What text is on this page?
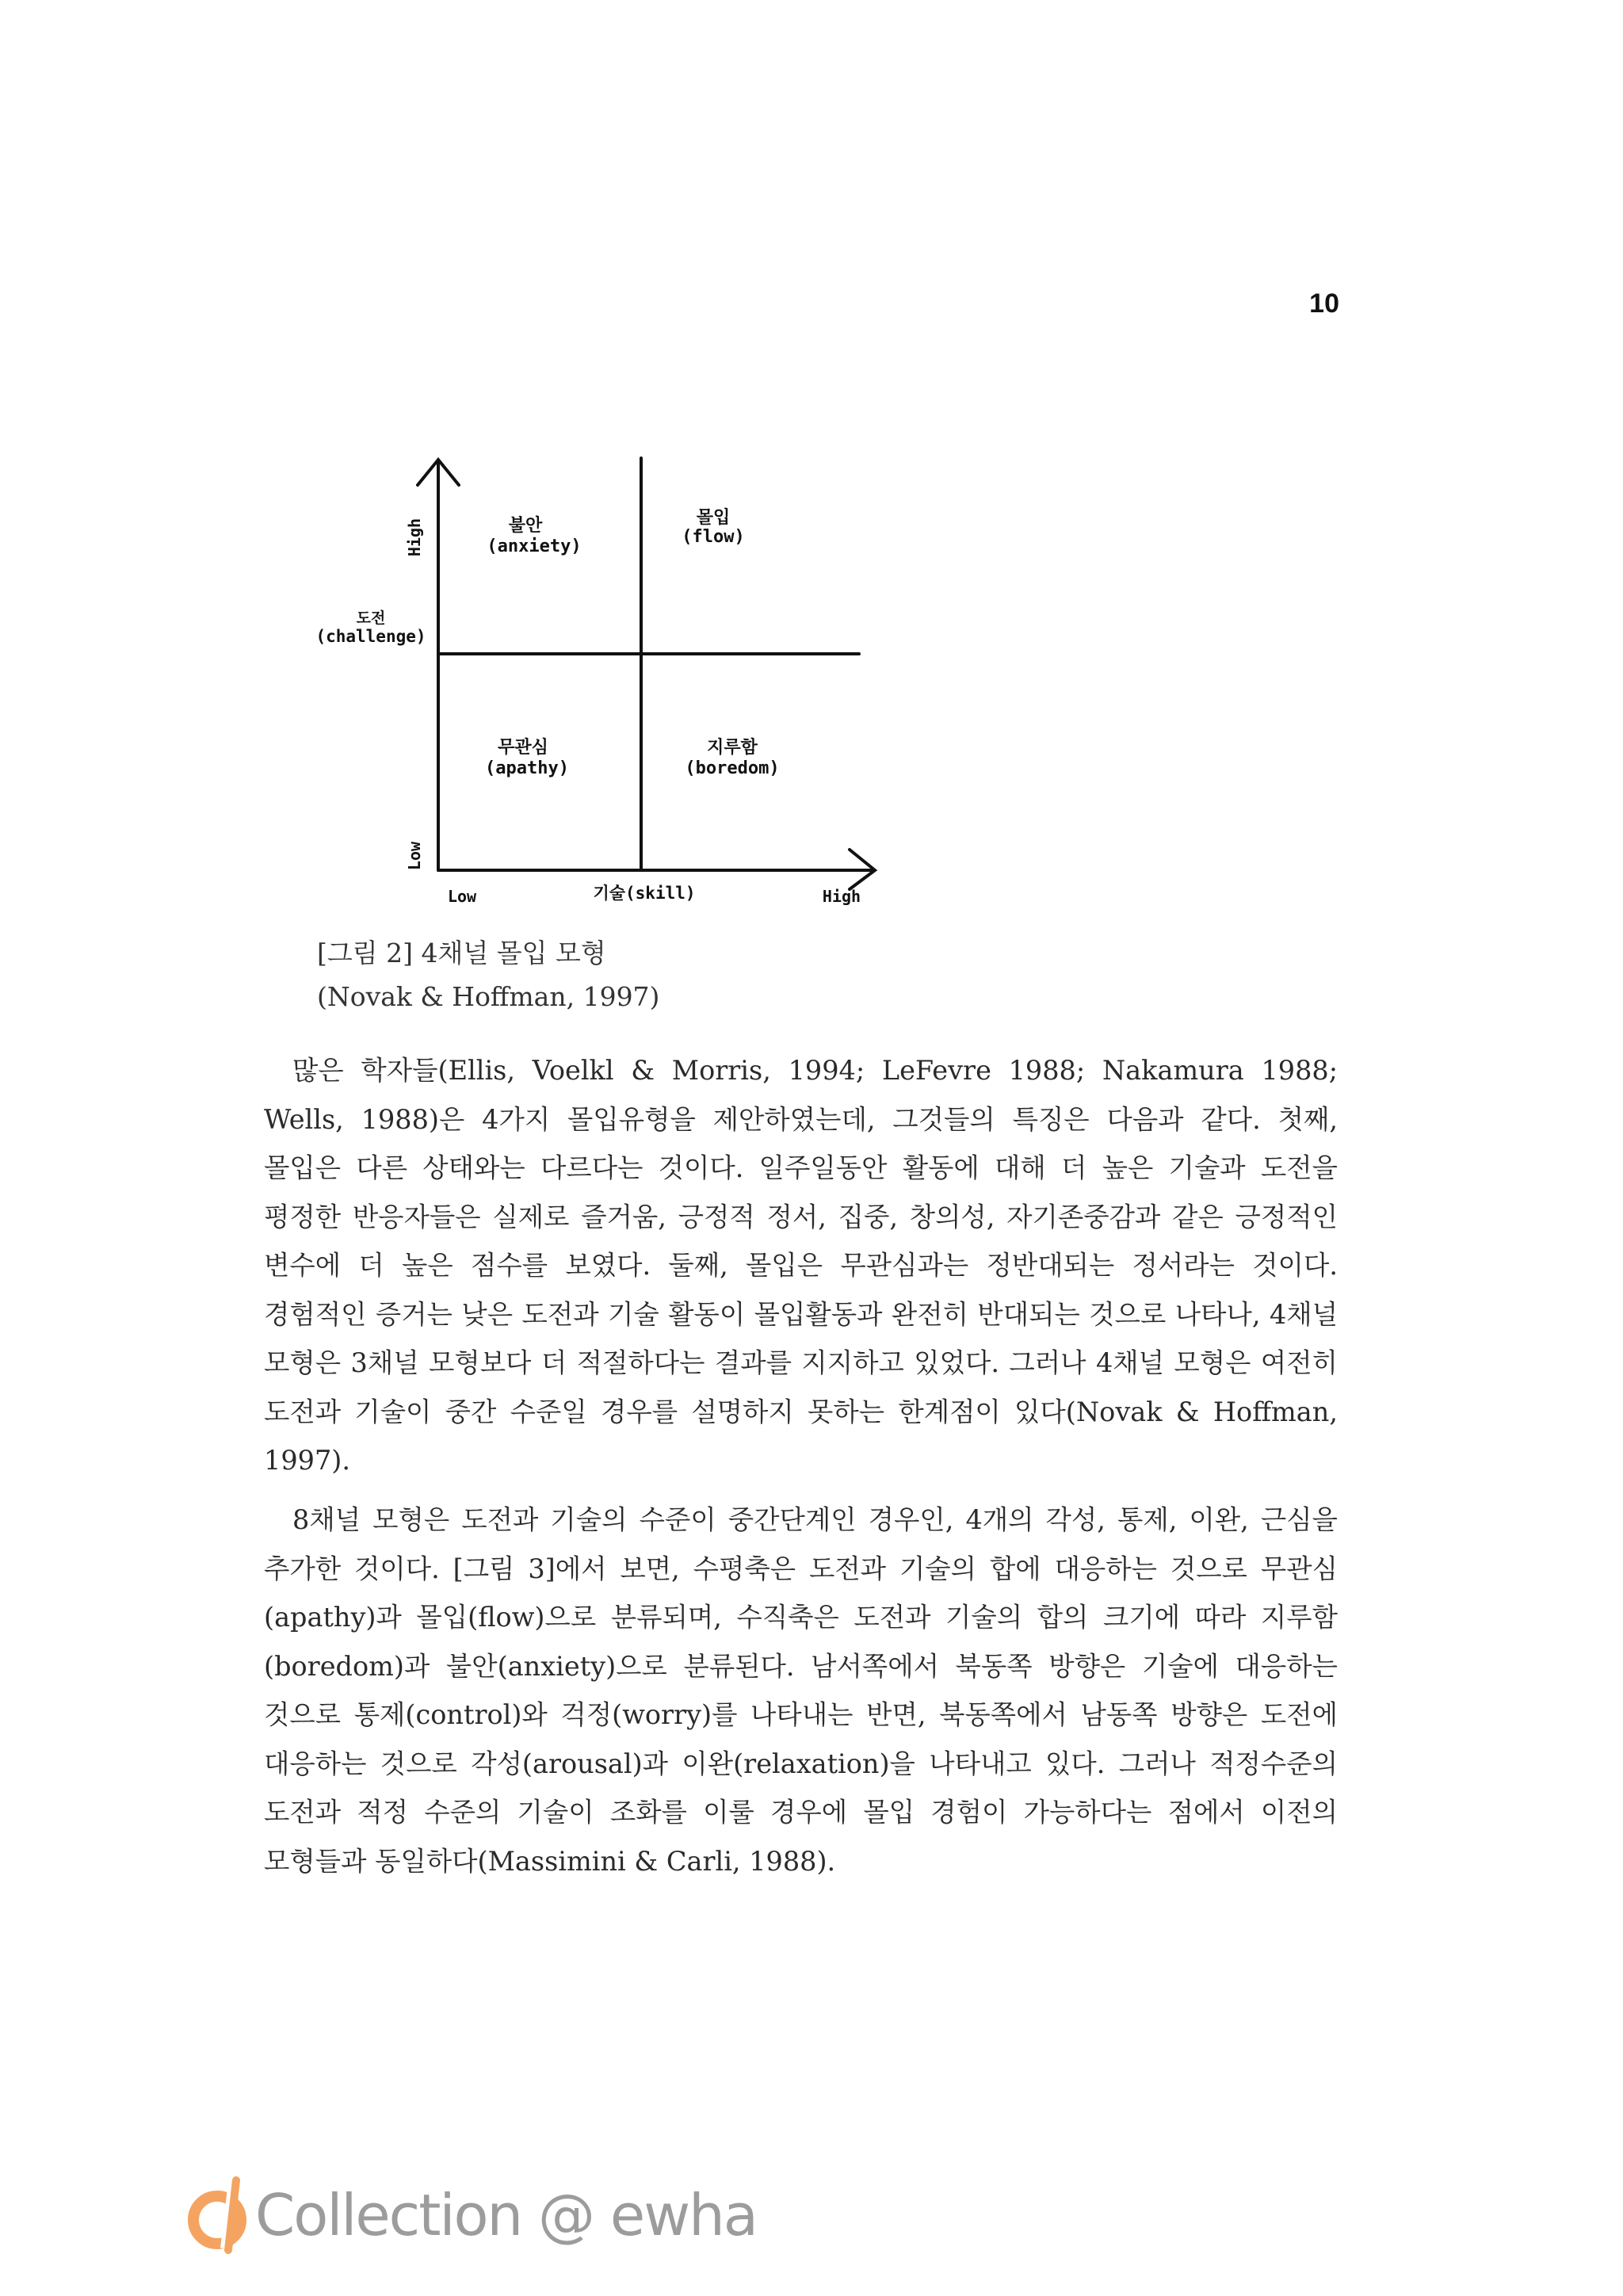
10
High
Low
도전
(challenge)
불안
(anxiety)
몰입
(flow)
무관심
(apathy)
지루함
(boredom)
Low	기술(skill)	High
[그림 2] 4채널 몰입 모형
(Novak & Hoffman, 1997)
많은 학자들(Ellis, Voelkl & Morris, 1994; LeFevre 1988; Nakamura 1988; Wells, 1988)은 4가지 몰입유형을 제안하였는데, 그것들의 특징은 다음과 같다. 첫째, 몰입은 다른 상태와는 다르다는 것이다. 일주일동안 활동에 대해 더 높은 기술과 도전을 평정한 반응자들은 실제로 즐거움, 긍정적 정서, 집중, 창의성, 자기존중감과 같은 긍정적인 변수에 더 높은 점수를 보였다. 둘째, 몰입은 무관심과는 정반대되는 정서라는 것이다. 경험적인 증거는 낮은 도전과 기술 활동이 몰입활동과 완전히 반대되는 것으로 나타나, 4채널 모형은 3채널 모형보다 더 적절하다는 결과를 지지하고 있었다. 그러나 4채널 모형은 여전히 도전과 기술이 중간 수준일 경우를 설명하지 못하는 한계점이 있다(Novak & Hoffman, 1997).
8채널 모형은 도전과 기술의 수준이 중간단계인 경우인, 4개의 각성, 통제, 이완, 근심을 추가한 것이다. [그림 3]에서 보면, 수평축은 도전과 기술의 합에 대응하는 것으로 무관심(apathy)과 몰입(flow)으로 분류되며, 수직축은 도전과 기술의 합의 크기에 따라 지루함(boredom)과 불안(anxiety)으로 분류된다. 남서쪽에서 북동쪽 방향은 기술에 대응하는 것으로 통제(control)와 걱정(worry)를 나타내는 반면, 북동쪽에서 남동쪽 방향은 도전에 대응하는 것으로 각성(arousal)과 이완(relaxation)을 나타내고 있다. 그러나 적정수준의 도전과 적정 수준의 기술이 조화를 이룰 경우에 몰입 경험이 가능하다는 점에서 이전의 모형들과 동일하다(Massimini & Carli, 1988).
Collection @ ewha
